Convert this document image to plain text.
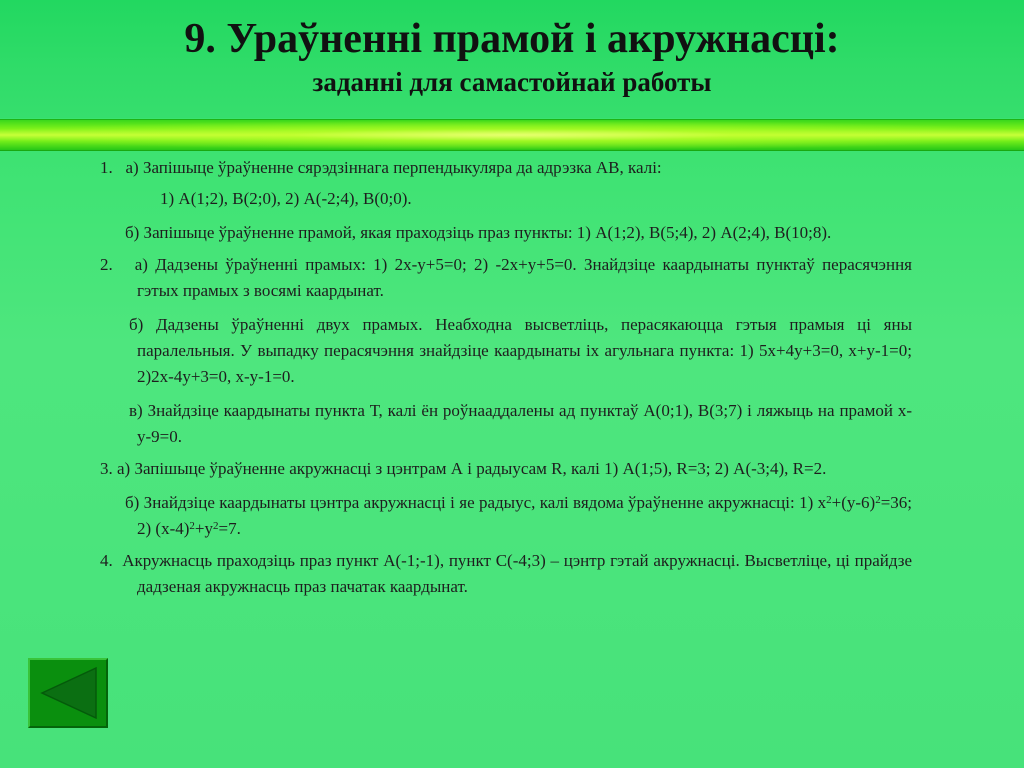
9. Ураўненні прамой і акружнасці:
заданні для самастойнай работы

1.   а) Запішыце ўраўненне сярэдзіннага перпендыкуляра да адрэзка АВ, калі:

1) А(1;2), В(2;0), 2) А(-2;4), В(0;0).

б) Запішыце ўраўненне прамой, якая праходзіць праз пункты: 1) А(1;2), В(5;4), 2) А(2;4), В(10;8).

2.   а) Дадзены ўраўненні прамых: 1) 2x-y+5=0; 2) -2x+y+5=0. Знайдзіце каардынаты пунктаў перасячэння гэтых прамых з восямі каардынат.

б) Дадзены ўраўненні двух прамых. Неабходна высветліць, перасякаюцца гэтыя прамыя ці яны паралельныя. У выпадку перасячэння знайдзіце каардынаты іх агульнага пункта: 1) 5x+4y+3=0, x+y-1=0; 2)2x-4y+3=0, x-y-1=0.

в) Знайдзіце каардынаты пункта Т, калі ён роўнааддалены ад пунктаў А(0;1), В(3;7) і ляжыць на прамой x-y-9=0.

3. а) Запішыце ўраўненне акружнасці з цэнтрам А і радыусам R, калі 1) А(1;5), R=3; 2) А(-3;4), R=2.

б) Знайдзіце каардынаты цэнтра акружнасці і яе радыус, калі вядома ўраўненне акружнасці: 1) $x^2+(y-6)^2=36$; 2) $(x-4)^2+y^2=7$.

4.  Акружнасць праходзіць праз пункт А(-1;-1), пункт С(-4;3) – цэнтр гэтай акружнасці. Высветліце, ці прайдзе дадзеная акружнасць праз пачатак каардынат.
